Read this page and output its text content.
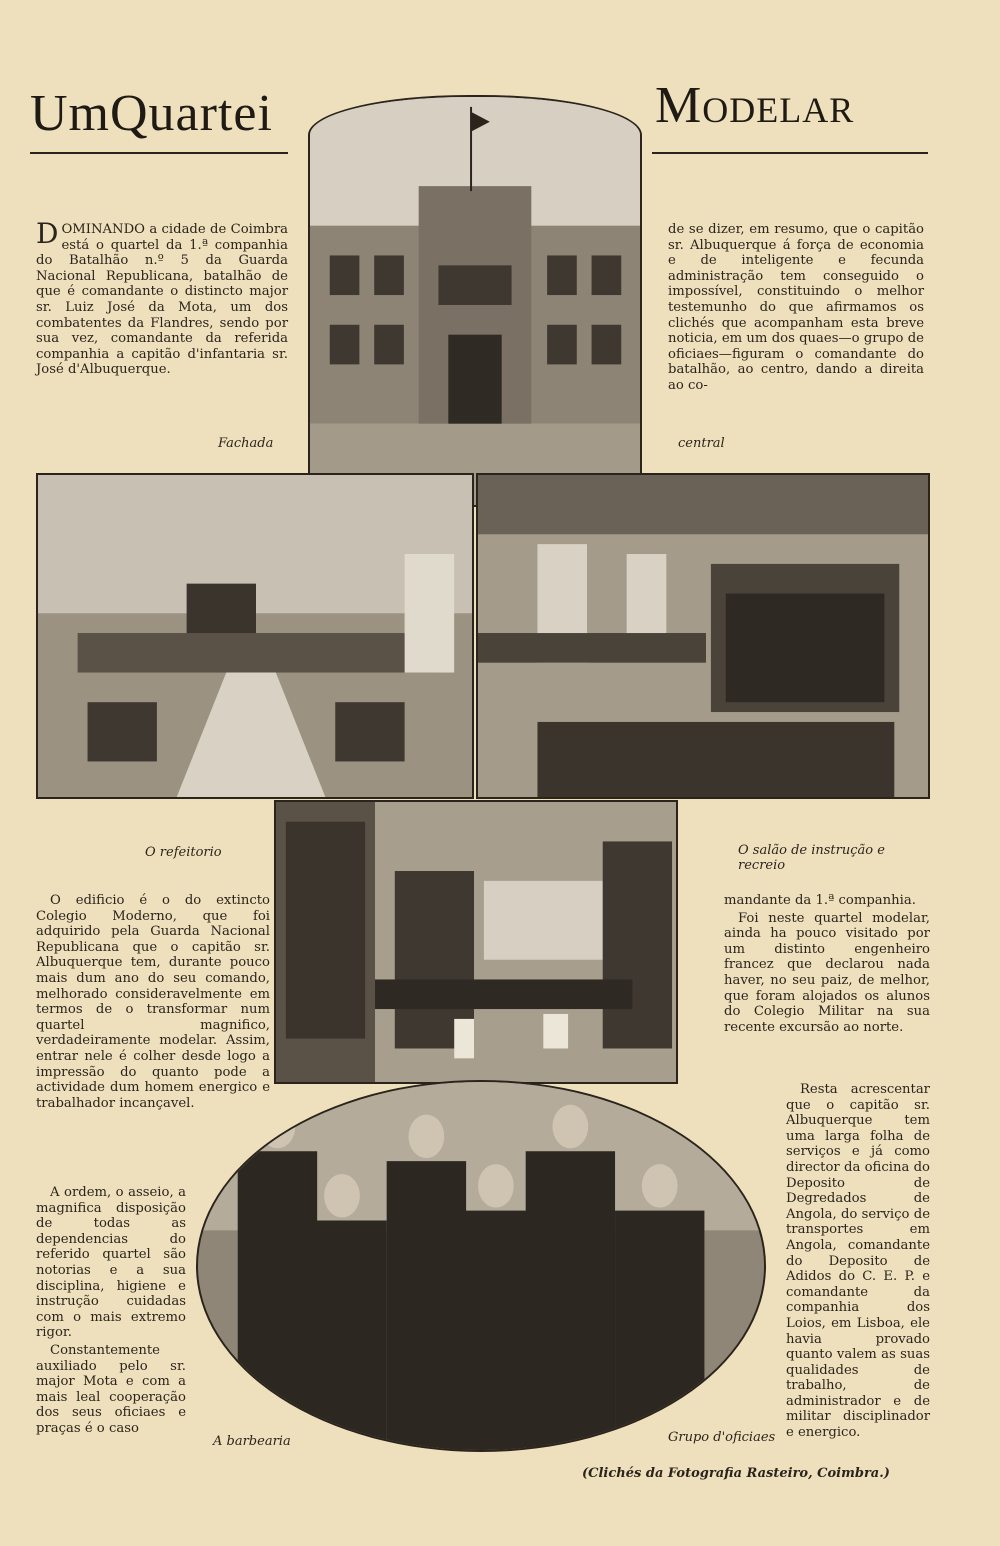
UmQuartei	Modelar
DOMINANDO a cidade de Coimbra está o quartel da 1.ª companhia do Batalhão n.º 5 da Guarda Nacional Republicana, batalhão de que é comandante o distincto major sr. Luiz José da Mota, um dos combatentes da Flandres, sendo por sua vez, comandante da referida companhia a capitão d'infantaria sr. José d'Albuquerque.
de se dizer, em resumo, que o capitão sr. Albuquerque á força de economia e de inteligente e fecunda administração tem conseguido o impossível, constituindo o melhor testemunho do que afirmamos os clichés que acompanham esta breve noticia, em um dos quaes—o grupo de oficiaes—figuram o comandante do batalhão, ao centro, dando a direita ao co-
Fachada	central
O refeitorio	O salão de instrução e recreio
A barbearia	Grupo d'oficiaes

O edificio é o do extincto Colegio Moderno, que foi adquirido pela Guarda Nacional Republicana que o capitão sr. Albuquerque tem, durante pouco mais dum ano do seu comando, melhorado consideravelmente em termos de o transformar num quartel magnifico, verdadeiramente modelar. Assim, entrar nele é colher desde logo a impressão do quanto pode a actividade dum homem energico e trabalhador incançavel.

A ordem, o asseio, a magnifica disposição de todas as dependencias do referido quartel são notorias e a sua disciplina, higiene e instrução cuidadas com o mais extremo rigor.

Constantemente auxiliado pelo sr. major Mota e com a mais leal cooperação dos seus oficiaes e praças é o caso

mandante da 1.ª companhia.

Foi neste quartel modelar, ainda ha pouco visitado por um distinto engenheiro francez que declarou nada haver, no seu paiz, de melhor, que foram alojados os alunos do Colegio Militar na sua recente excursão ao norte.

Resta acrescentar que o capitão sr. Albuquerque tem uma larga folha de serviços e já como director da oficina do Deposito de Degredados de Angola, do serviço de transportes em Angola, comandante do Deposito de Adidos do C. E. P. e comandante da companhia dos Loios, em Lisboa, ele havia provado quanto valem as suas qualidades de trabalho, de administrador e de militar disciplinador e energico.

(Clichés da Fotografia Rasteiro, Coimbra.)
